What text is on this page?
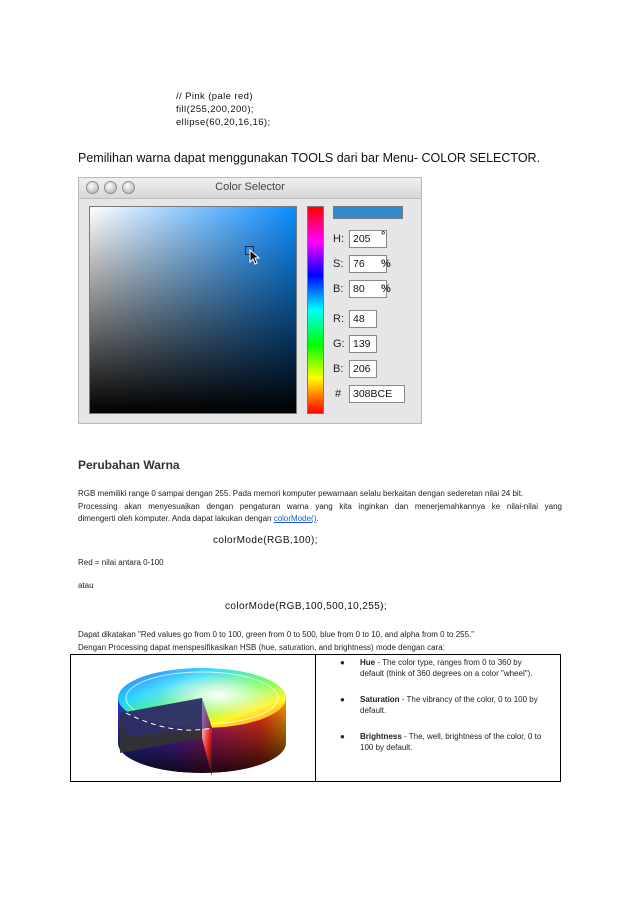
// Pink (pale red)
fill(255,200,200);
ellipse(60,20,16,16);
Pemilihan warna dapat menggunakan TOOLS dari bar Menu- COLOR SELECTOR.
Color Selector
H: 205 °
S: 76	%
B: 80	%
R: 48
G: 139
B: 206
#	308BCE
Perubahan Warna
RGB memiliki range 0 sampai dengan 255. Pada memori komputer pewarnaan selalu berkaitan dengan sederetan nilai 24 bit.
Processing akan menyesuaikan dengan pengaturan warna yang kita inginkan dan menerjemahkannya ke nilai-nilai yang
dimengerti oleh komputer. Anda dapat lakukan dengan colorMode().
colorMode(RGB,100);
Red = nilai antara 0-100
atau
colorMode(RGB,100,500,10,255);
Dapat dikatakan "Red values go from 0 to 100, green from 0 to 500, blue from 0 to 10, and alpha from 0 to 255."
Dengan Processing dapat menspesifikasikan HSB (hue, saturation, and brightness) mode dengan cara:
● Hue - The color type, ranges from 0 to 360 by
default (think of 360 degrees on a color "wheel").
● Saturation - The vibrancy of the color, 0 to 100 by
default.
● Brightness - The, well, brightness of the color, 0 to
100 by default.
